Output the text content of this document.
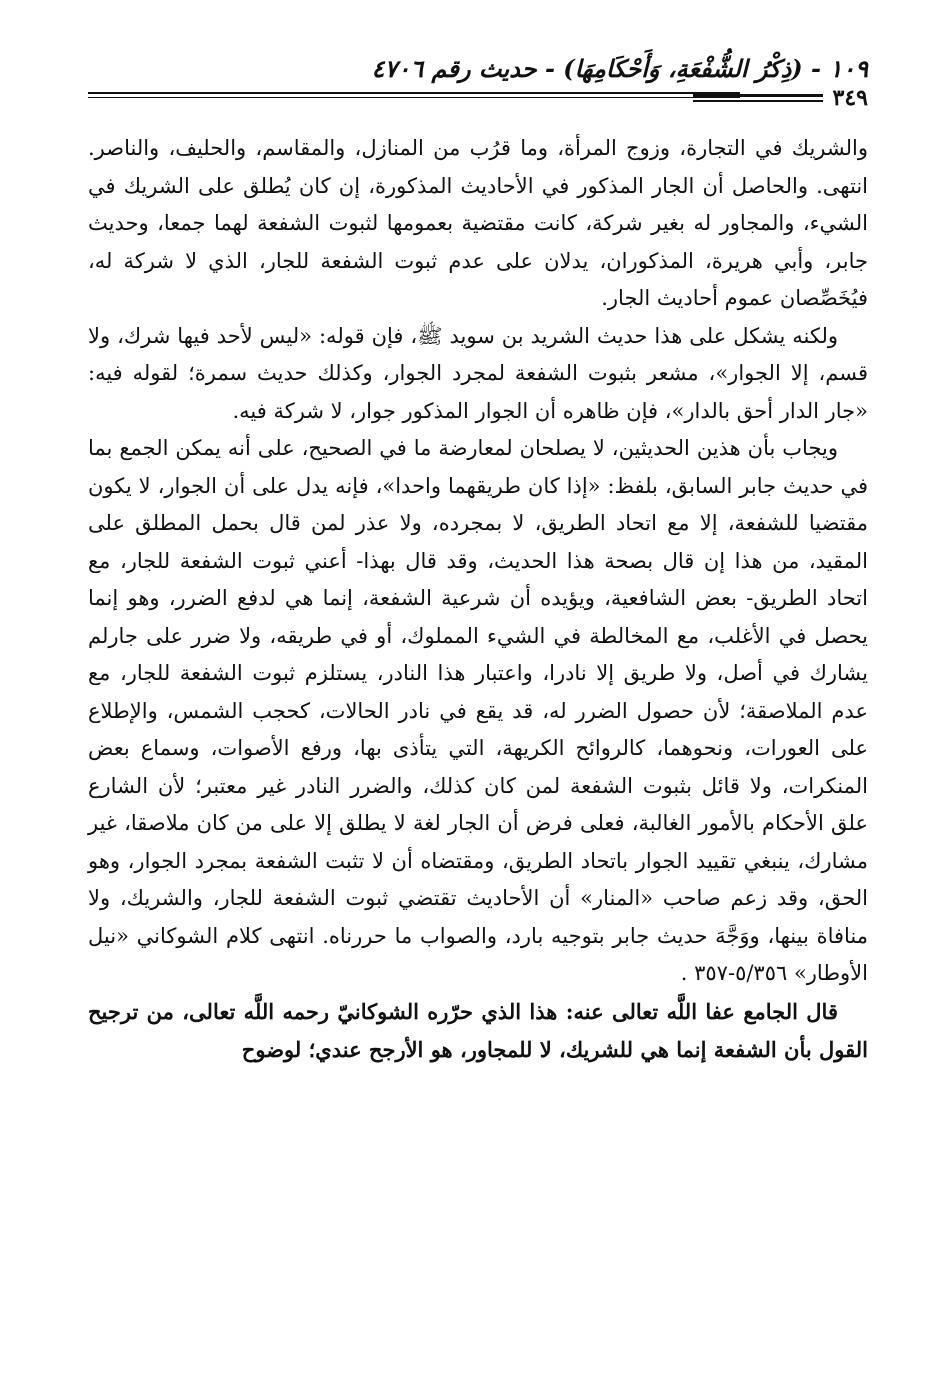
١٠٩ - (ذِكْرُ الشُّفْعَةِ، وَأَحْكَامِهَا) - حديث رقم ٤٧٠٦
٣٤٩

والشريك في التجارة، وزوج المرأة، وما قرُب من المنازل، والمقاسم، والحليف، والناصر. انتهى. والحاصل أن الجار المذكور في الأحاديث المذكورة، إن كان يُطلق على الشريك في الشيء، والمجاور له بغير شركة، كانت مقتضية بعمومها لثبوت الشفعة لهما جمعا، وحديث جابر، وأبي هريرة، المذكوران، يدلان على عدم ثبوت الشفعة للجار، الذي لا شركة له، فيُخَصِّصان عموم أحاديث الجار.

ولكنه يشكل على هذا حديث الشريد بن سويد ﷺ، فإن قوله: «ليس لأحد فيها شرك، ولا قسم، إلا الجوار»، مشعر بثبوت الشفعة لمجرد الجوار، وكذلك حديث سمرة؛ لقوله فيه: «جار الدار أحق بالدار»، فإن ظاهره أن الجوار المذكور جوار، لا شركة فيه.

ويجاب بأن هذين الحديثين، لا يصلحان لمعارضة ما في الصحيح، على أنه يمكن الجمع بما في حديث جابر السابق، بلفظ: «إذا كان طريقهما واحدا»، فإنه يدل على أن الجوار، لا يكون مقتضيا للشفعة، إلا مع اتحاد الطريق، لا بمجرده، ولا عذر لمن قال بحمل المطلق على المقيد، من هذا إن قال بصحة هذا الحديث، وقد قال بهذا- أعني ثبوت الشفعة للجار، مع اتحاد الطريق- بعض الشافعية، ويؤيده أن شرعية الشفعة، إنما هي لدفع الضرر، وهو إنما يحصل في الأغلب، مع المخالطة في الشيء المملوك، أو في طريقه، ولا ضرر على جارلم يشارك في أصل، ولا طريق إلا نادرا، واعتبار هذا النادر، يستلزم ثبوت الشفعة للجار، مع عدم الملاصقة؛ لأن حصول الضرر له، قد يقع في نادر الحالات، كحجب الشمس، والإطلاع على العورات، ونحوهما، كالروائح الكريهة، التي يتأذى بها، ورفع الأصوات، وسماع بعض المنكرات، ولا قائل بثبوت الشفعة لمن كان كذلك، والضرر النادر غير معتبر؛ لأن الشارع علق الأحكام بالأمور الغالبة، فعلى فرض أن الجار لغة لا يطلق إلا على من كان ملاصقا، غير مشارك، ينبغي تقييد الجوار باتحاد الطريق، ومقتضاه أن لا تثبت الشفعة بمجرد الجوار، وهو الحق، وقد زعم صاحب «المنار» أن الأحاديث تقتضي ثبوت الشفعة للجار، والشريك، ولا منافاة بينها، ووَجَّهَ حديث جابر بتوجيه بارد، والصواب ما حررناه. انتهى كلام الشوكاني «نيل الأوطار» ٥/٣٥٦-٣٥٧ .

قال الجامع عفا اللَّه تعالى عنه: هذا الذي حرّره الشوكانيّ رحمه اللَّه تعالى، من ترجيح القول بأن الشفعة إنما هي للشريك، لا للمجاور، هو الأرجح عندي؛ لوضوح
